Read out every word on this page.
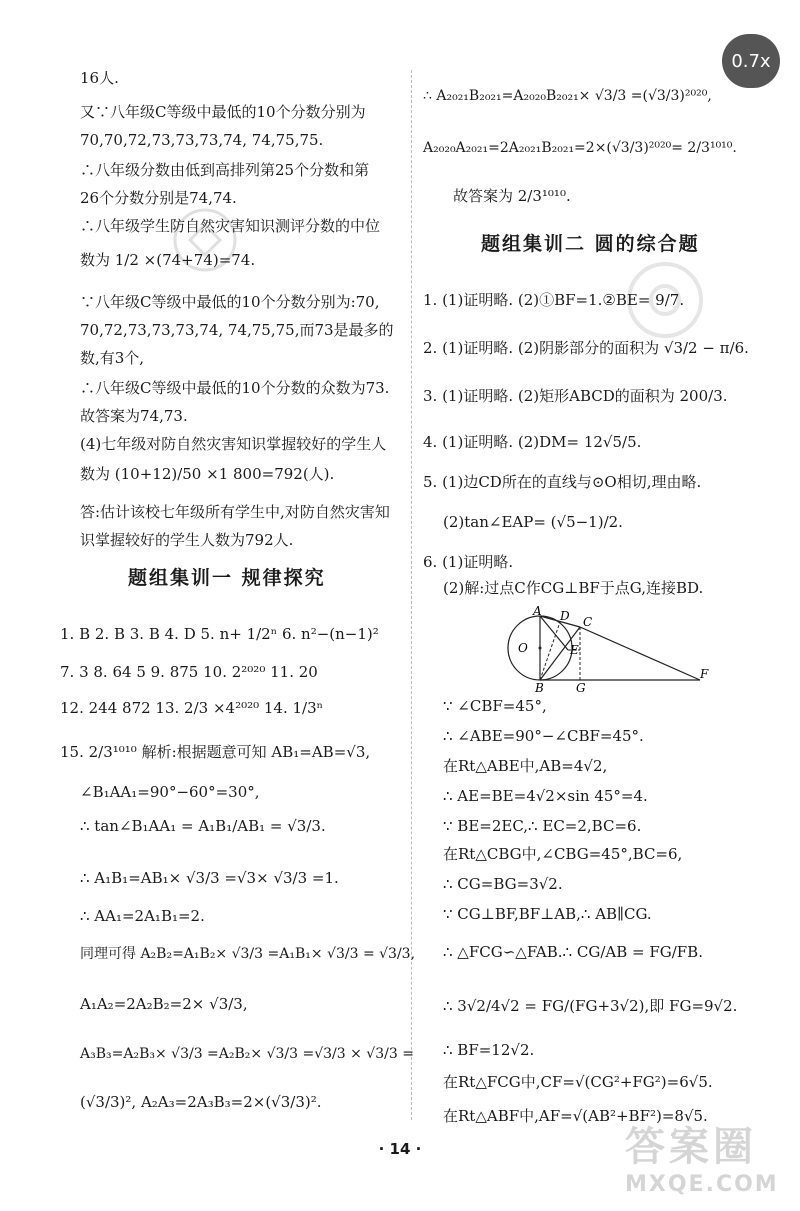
0.7x
16人.
又∵八年级C等级中最低的10个分数分别为
70,70,72,73,73,73,74, 74,75,75.
∴八年级分数由低到高排列第25个分数和第
26个分数分别是74,74.
∴八年级学生防自然灾害知识测评分数的中位
数为 1/2 ×(74+74)=74.
∵八年级C等级中最低的10个分数分别为:70,
70,72,73,73,73,74, 74,75,75,而73是最多的
数,有3个,
∴八年级C等级中最低的10个分数的众数为73.
故答案为74,73.
(4)七年级对防自然灾害知识掌握较好的学生人
数为 (10+12)/50 ×1 800=792(人).
答:估计该校七年级所有学生中,对防自然灾害知
识掌握较好的学生人数为792人.
题组集训一 规律探究
1. B 2. B 3. B 4. D 5. n+ 1/2ⁿ 6. n²−(n−1)²
7. 3 8. 64 5 9. 875 10. 2²⁰²⁰ 11. 20
12. 244 872 13. 2/3 ×4²⁰²⁰ 14. 1/3ⁿ
15. 2/3¹⁰¹⁰ 解析:根据题意可知 AB₁=AB=√3,
∠B₁AA₁=90°−60°=30°,
∴ tan∠B₁AA₁ = A₁B₁/AB₁ = √3/3.
∴ A₁B₁=AB₁× √3/3 =√3× √3/3 =1.
∴ AA₁=2A₁B₁=2.
同理可得 A₂B₂=A₁B₂× √3/3 =A₁B₁× √3/3 = √3/3,
A₁A₂=2A₂B₂=2× √3/3,
A₃B₃=A₂B₃× √3/3 =A₂B₂× √3/3 =√3/3 × √3/3 =
(√3/3)², A₂A₃=2A₃B₃=2×(√3/3)².
∴ A₂₀₂₁B₂₀₂₁=A₂₀₂₀B₂₀₂₁× √3/3 =(√3/3)²⁰²⁰,
A₂₀₂₀A₂₀₂₁=2A₂₀₂₁B₂₀₂₁=2×(√3/3)²⁰²⁰= 2/3¹⁰¹⁰.
故答案为 2/3¹⁰¹⁰.
题组集训二 圆的综合题
1. (1)证明略. (2)①BF=1.②BE= 9/7.
2. (1)证明略. (2)阴影部分的面积为 √3/2 − π/6.
3. (1)证明略. (2)矩形ABCD的面积为 200/3.
4. (1)证明略. (2)DM= 12√5/5.
5. (1)边CD所在的直线与⊙O相切,理由略.
(2)tan∠EAP= (√5−1)/2.
6. (1)证明略.
(2)解:过点C作CG⊥BF于点G,连接BD.
∵ ∠CBF=45°,
∴ ∠ABE=90°−∠CBF=45°.
在Rt△ABE中,AB=4√2,
∴ AE=BE=4√2×sin 45°=4.
∵ BE=2EC,∴ EC=2,BC=6.
在Rt△CBG中,∠CBG=45°,BC=6,
∴ CG=BG=3√2.
∵ CG⊥BF,BF⊥AB,∴ AB∥CG.
∴ △FCG∽△FAB.∴ CG/AB = FG/FB.
∴ 3√2/4√2 = FG/(FG+3√2),即 FG=9√2.
∴ BF=12√2.
在Rt△FCG中,CF=√(CG²+FG²)=6√5.
在Rt△ABF中,AF=√(AB²+BF²)=8√5.
A D C
O	E
B	G
F
· 14 ·	答案圈
MXQE.COM
